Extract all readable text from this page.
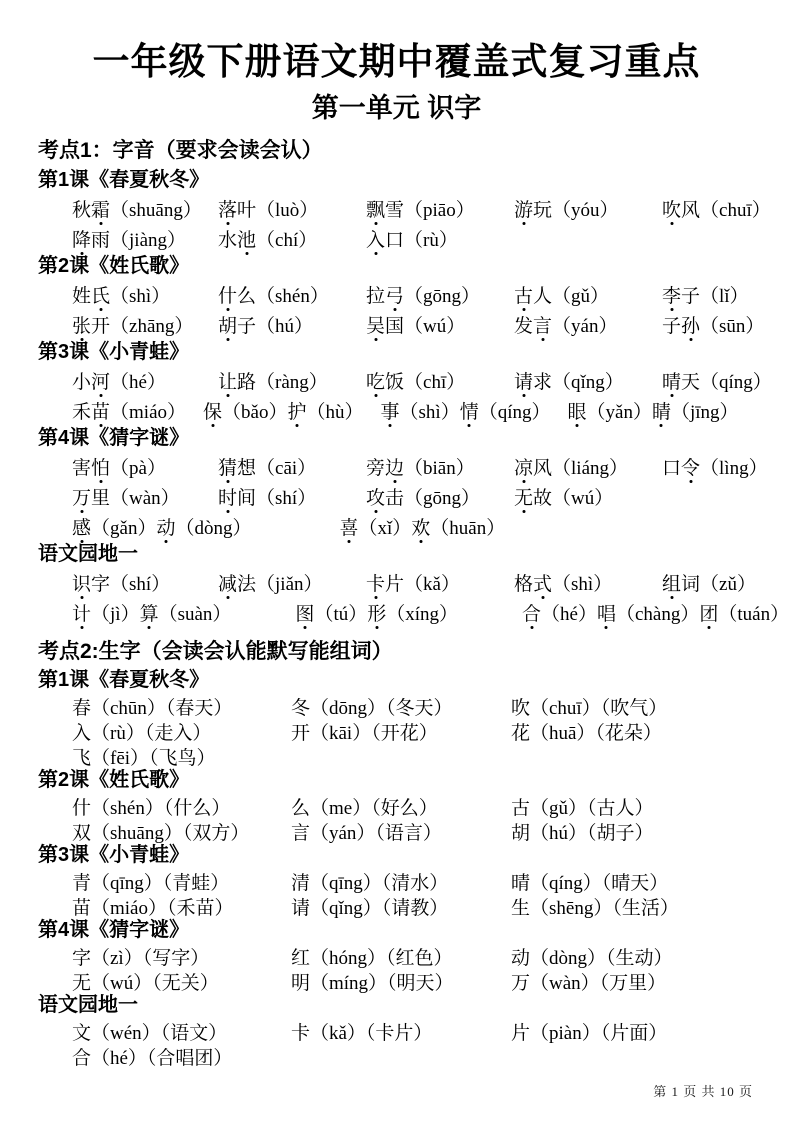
一年级下册语文期中覆盖式复习重点
第一单元 识字
考点1：字音（要求会读会认）
第1课《春夏秋冬》
秋霜（shuāng） 落叶（luò）	飘雪（piāo）	游玩（yóu）	吹风（chuī）
降雨（jiàng）	水池（chí）	入口（rù）
第2课《姓氏歌》
姓氏（shì）	什么（shén）	拉弓（gōng）	古人（gǔ）	李子（lǐ）
张开（zhāng）	胡子（hú）	吴国（wú）	发言（yán）	子孙（sūn）
第3课《小青蛙》
小河（hé）	让路（ràng）	吃饭（chī）	请求（qǐng）	晴天（qíng）
禾苗（miáo） 保（bǎo）护（hù） 事（shì）情（qíng） 眼（yǎn）睛（jīng）
第4课《猜字谜》
害怕（pà）	猜想（cāi）	旁边（biān）	凉风（liáng）	口令（lìng）
万里（wàn）	时间（shí）	攻击（gōng）	无故（wú）
感（gǎn）动（dòng）	喜（xǐ）欢（huān）
语文园地一
识字（shí）	减法（jiǎn）	卡片（kǎ）	格式（shì）	组词（zǔ）
计（jì）算（suàn）	图（tú）形（xíng）	合（hé）唱（chàng）团（tuán）
考点2:生字（会读会认能默写能组词）
第1课《春夏秋冬》
春（chūn）（春天）	冬（dōng）（冬天）	吹（chuī）（吹气）
入（rù）（走入）	开（kāi）（开花）	花（huā）（花朵）
飞（fēi）（飞鸟）
第2课《姓氏歌》
什（shén）（什么）	么（me）（好么）	古（gǔ）（古人）
双（shuāng）（双方）	言（yán）（语言）	胡（hú）（胡子）
第3课《小青蛙》
青（qīng）（青蛙）	清（qīng）（清水）	晴（qíng）（晴天）
苗（miáo）（禾苗）	请（qǐng）（请教）	生（shēng）（生活）
第4课《猜字谜》
字（zì）（写字）	红（hóng）（红色）	动（dòng）（生动）
无（wú）（无关）	明（míng）（明天）	万（wàn）（万里）
语文园地一
文（wén）（语文）	卡（kǎ）（卡片）	片（piàn）（片面）
合（hé）（合唱团）
第 1 页 共 10 页
